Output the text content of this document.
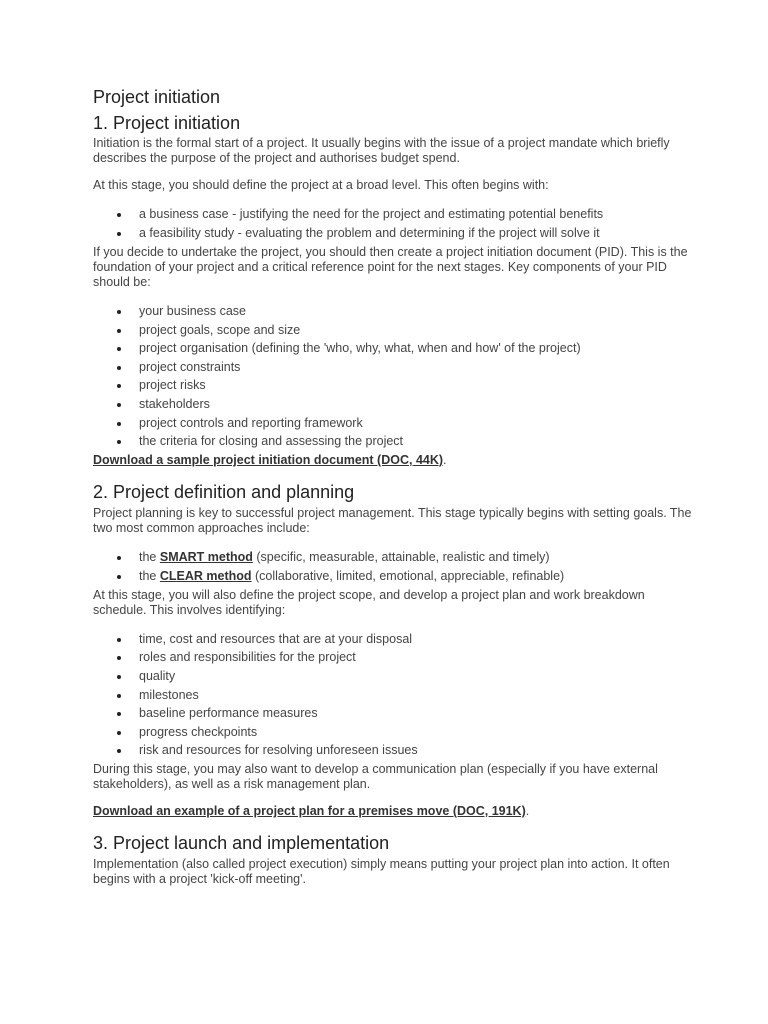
Project initiation
1. Project initiation

Initiation is the formal start of a project. It usually begins with the issue of a project mandate which briefly describes the purpose of the project and authorises budget spend.

At this stage, you should define the project at a broad level. This often begins with:

a business case - justifying the need for the project and estimating potential benefits
a feasibility study - evaluating the problem and determining if the project will solve it

If you decide to undertake the project, you should then create a project initiation document (PID). This is the foundation of your project and a critical reference point for the next stages. Key components of your PID should be:

your business case
project goals, scope and size
project organisation (defining the 'who, why, what, when and how' of the project)
project constraints
project risks
stakeholders
project controls and reporting framework
the criteria for closing and assessing the project

Download a sample project initiation document (DOC, 44K).

2. Project definition and planning

Project planning is key to successful project management. This stage typically begins with setting goals. The two most common approaches include:

the SMART method (specific, measurable, attainable, realistic and timely)
the CLEAR method (collaborative, limited, emotional, appreciable, refinable)

At this stage, you will also define the project scope, and develop a project plan and work breakdown schedule. This involves identifying:

time, cost and resources that are at your disposal
roles and responsibilities for the project
quality
milestones
baseline performance measures
progress checkpoints
risk and resources for resolving unforeseen issues

During this stage, you may also want to develop a communication plan (especially if you have external stakeholders), as well as a risk management plan.

Download an example of a project plan for a premises move (DOC, 191K).

3. Project launch and implementation

Implementation (also called project execution) simply means putting your project plan into action. It often begins with a project 'kick-off meeting'.
